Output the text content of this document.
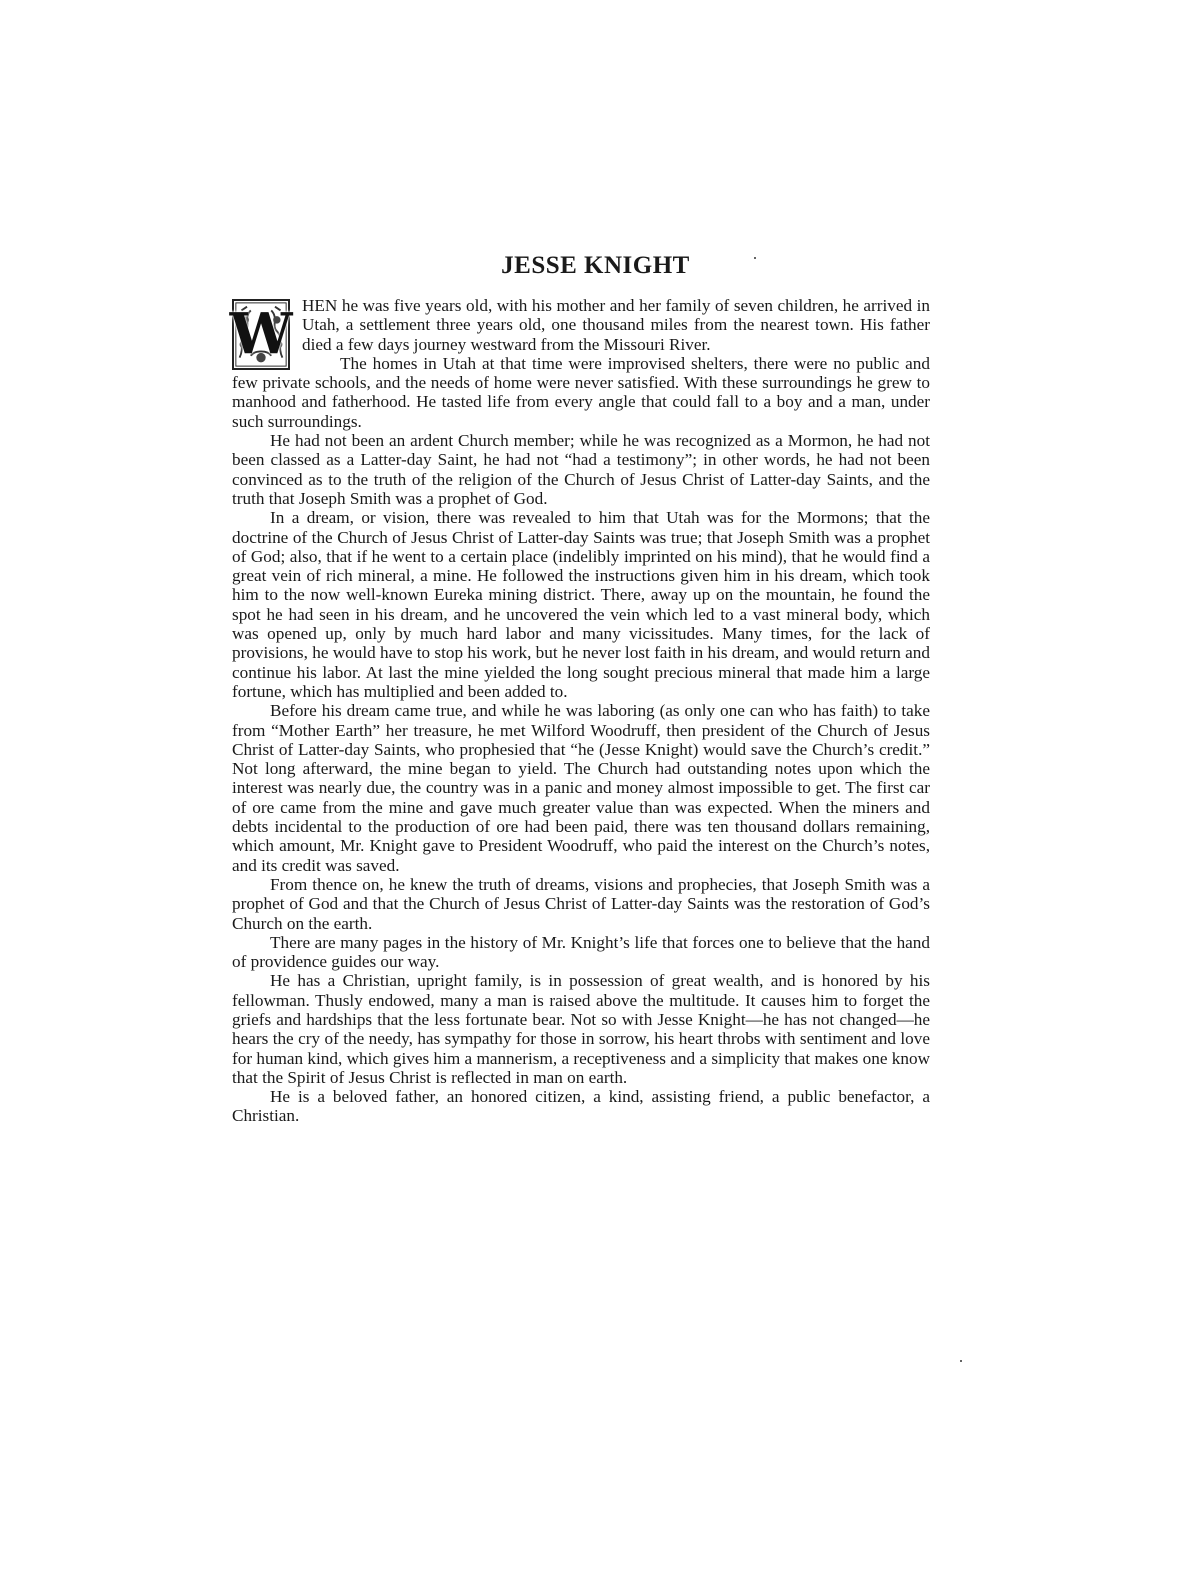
JESSE KNIGHT
W HEN he was five years old, with his mother and her family of seven children, he arrived in Utah, a settlement three years old, one thousand miles from the nearest town. His father died a few days journey westward from the Missouri River.

The homes in Utah at that time were improvised shelters, there were no public and few private schools, and the needs of home were never satisfied. With these surroundings he grew to manhood and fatherhood. He tasted life from every angle that could fall to a boy and a man, under such surroundings.

He had not been an ardent Church member; while he was recognized as a Mormon, he had not been classed as a Latter-day Saint, he had not “had a testimony”; in other words, he had not been convinced as to the truth of the religion of the Church of Jesus Christ of Latter-day Saints, and the truth that Joseph Smith was a prophet of God.

In a dream, or vision, there was revealed to him that Utah was for the Mormons; that the doctrine of the Church of Jesus Christ of Latter-day Saints was true; that Joseph Smith was a prophet of God; also, that if he went to a certain place (indelibly imprinted on his mind), that he would find a great vein of rich mineral, a mine. He followed the instructions given him in his dream, which took him to the now well-known Eureka mining district. There, away up on the mountain, he found the spot he had seen in his dream, and he uncovered the vein which led to a vast mineral body, which was opened up, only by much hard labor and many vicissitudes. Many times, for the lack of provisions, he would have to stop his work, but he never lost faith in his dream, and would return and continue his labor. At last the mine yielded the long sought precious mineral that made him a large fortune, which has multiplied and been added to.

Before his dream came true, and while he was laboring (as only one can who has faith) to take from “Mother Earth” her treasure, he met Wilford Woodruff, then president of the Church of Jesus Christ of Latter-day Saints, who prophesied that “he (Jesse Knight) would save the Church’s credit.” Not long afterward, the mine began to yield. The Church had outstanding notes upon which the interest was nearly due, the country was in a panic and money almost impossible to get. The first car of ore came from the mine and gave much greater value than was expected. When the miners and debts incidental to the production of ore had been paid, there was ten thousand dollars remaining, which amount, Mr. Knight gave to President Woodruff, who paid the interest on the Church’s notes, and its credit was saved.

From thence on, he knew the truth of dreams, visions and prophecies, that Joseph Smith was a prophet of God and that the Church of Jesus Christ of Latter-day Saints was the restoration of God’s Church on the earth.

There are many pages in the history of Mr. Knight’s life that forces one to believe that the hand of providence guides our way.

He has a Christian, upright family, is in possession of great wealth, and is honored by his fellowman. Thusly endowed, many a man is raised above the multitude. It causes him to forget the griefs and hardships that the less fortunate bear. Not so with Jesse Knight—he has not changed—he hears the cry of the needy, has sympathy for those in sorrow, his heart throbs with sentiment and love for human kind, which gives him a mannerism, a receptiveness and a simplicity that makes one know that the Spirit of Jesus Christ is reflected in man on earth.

He is a beloved father, an honored citizen, a kind, assisting friend, a public benefactor, a Christian.
